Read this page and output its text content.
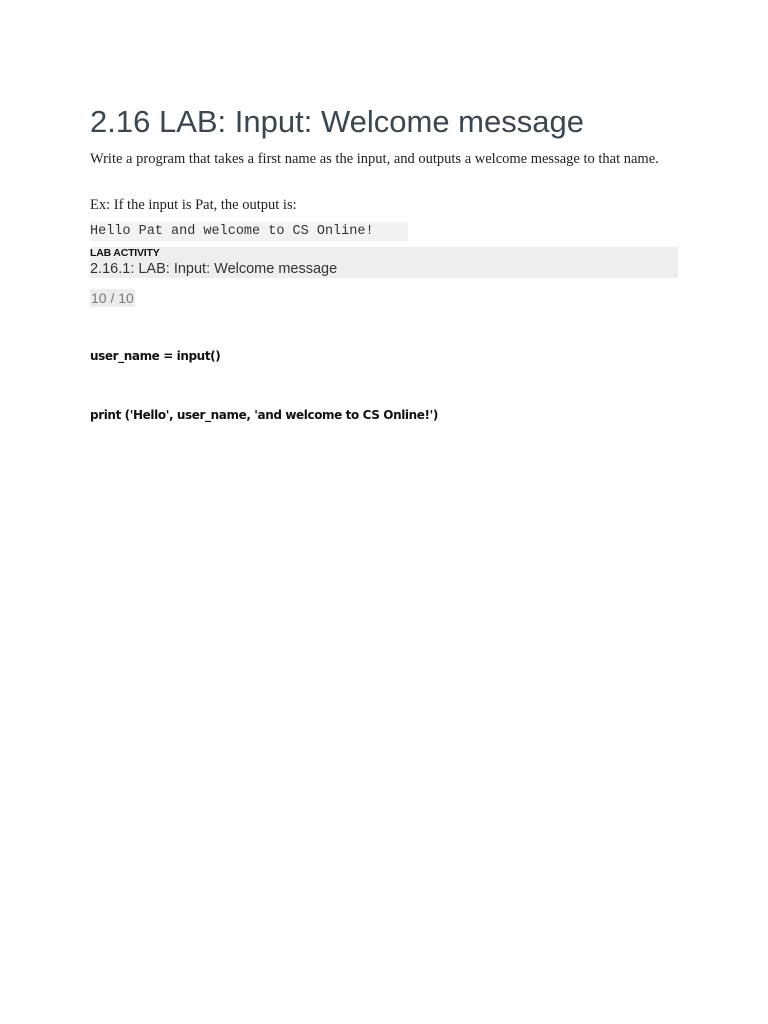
2.16 LAB: Input: Welcome message

Write a program that takes a first name as the input, and outputs a welcome message to that name.

Ex: If the input is Pat, the output is:

Hello Pat and welcome to CS Online!
LAB ACTIVITY
2.16.1: LAB: Input: Welcome message
10 / 10
user_name = input()
print ('Hello', user_name, 'and welcome to CS Online!')
